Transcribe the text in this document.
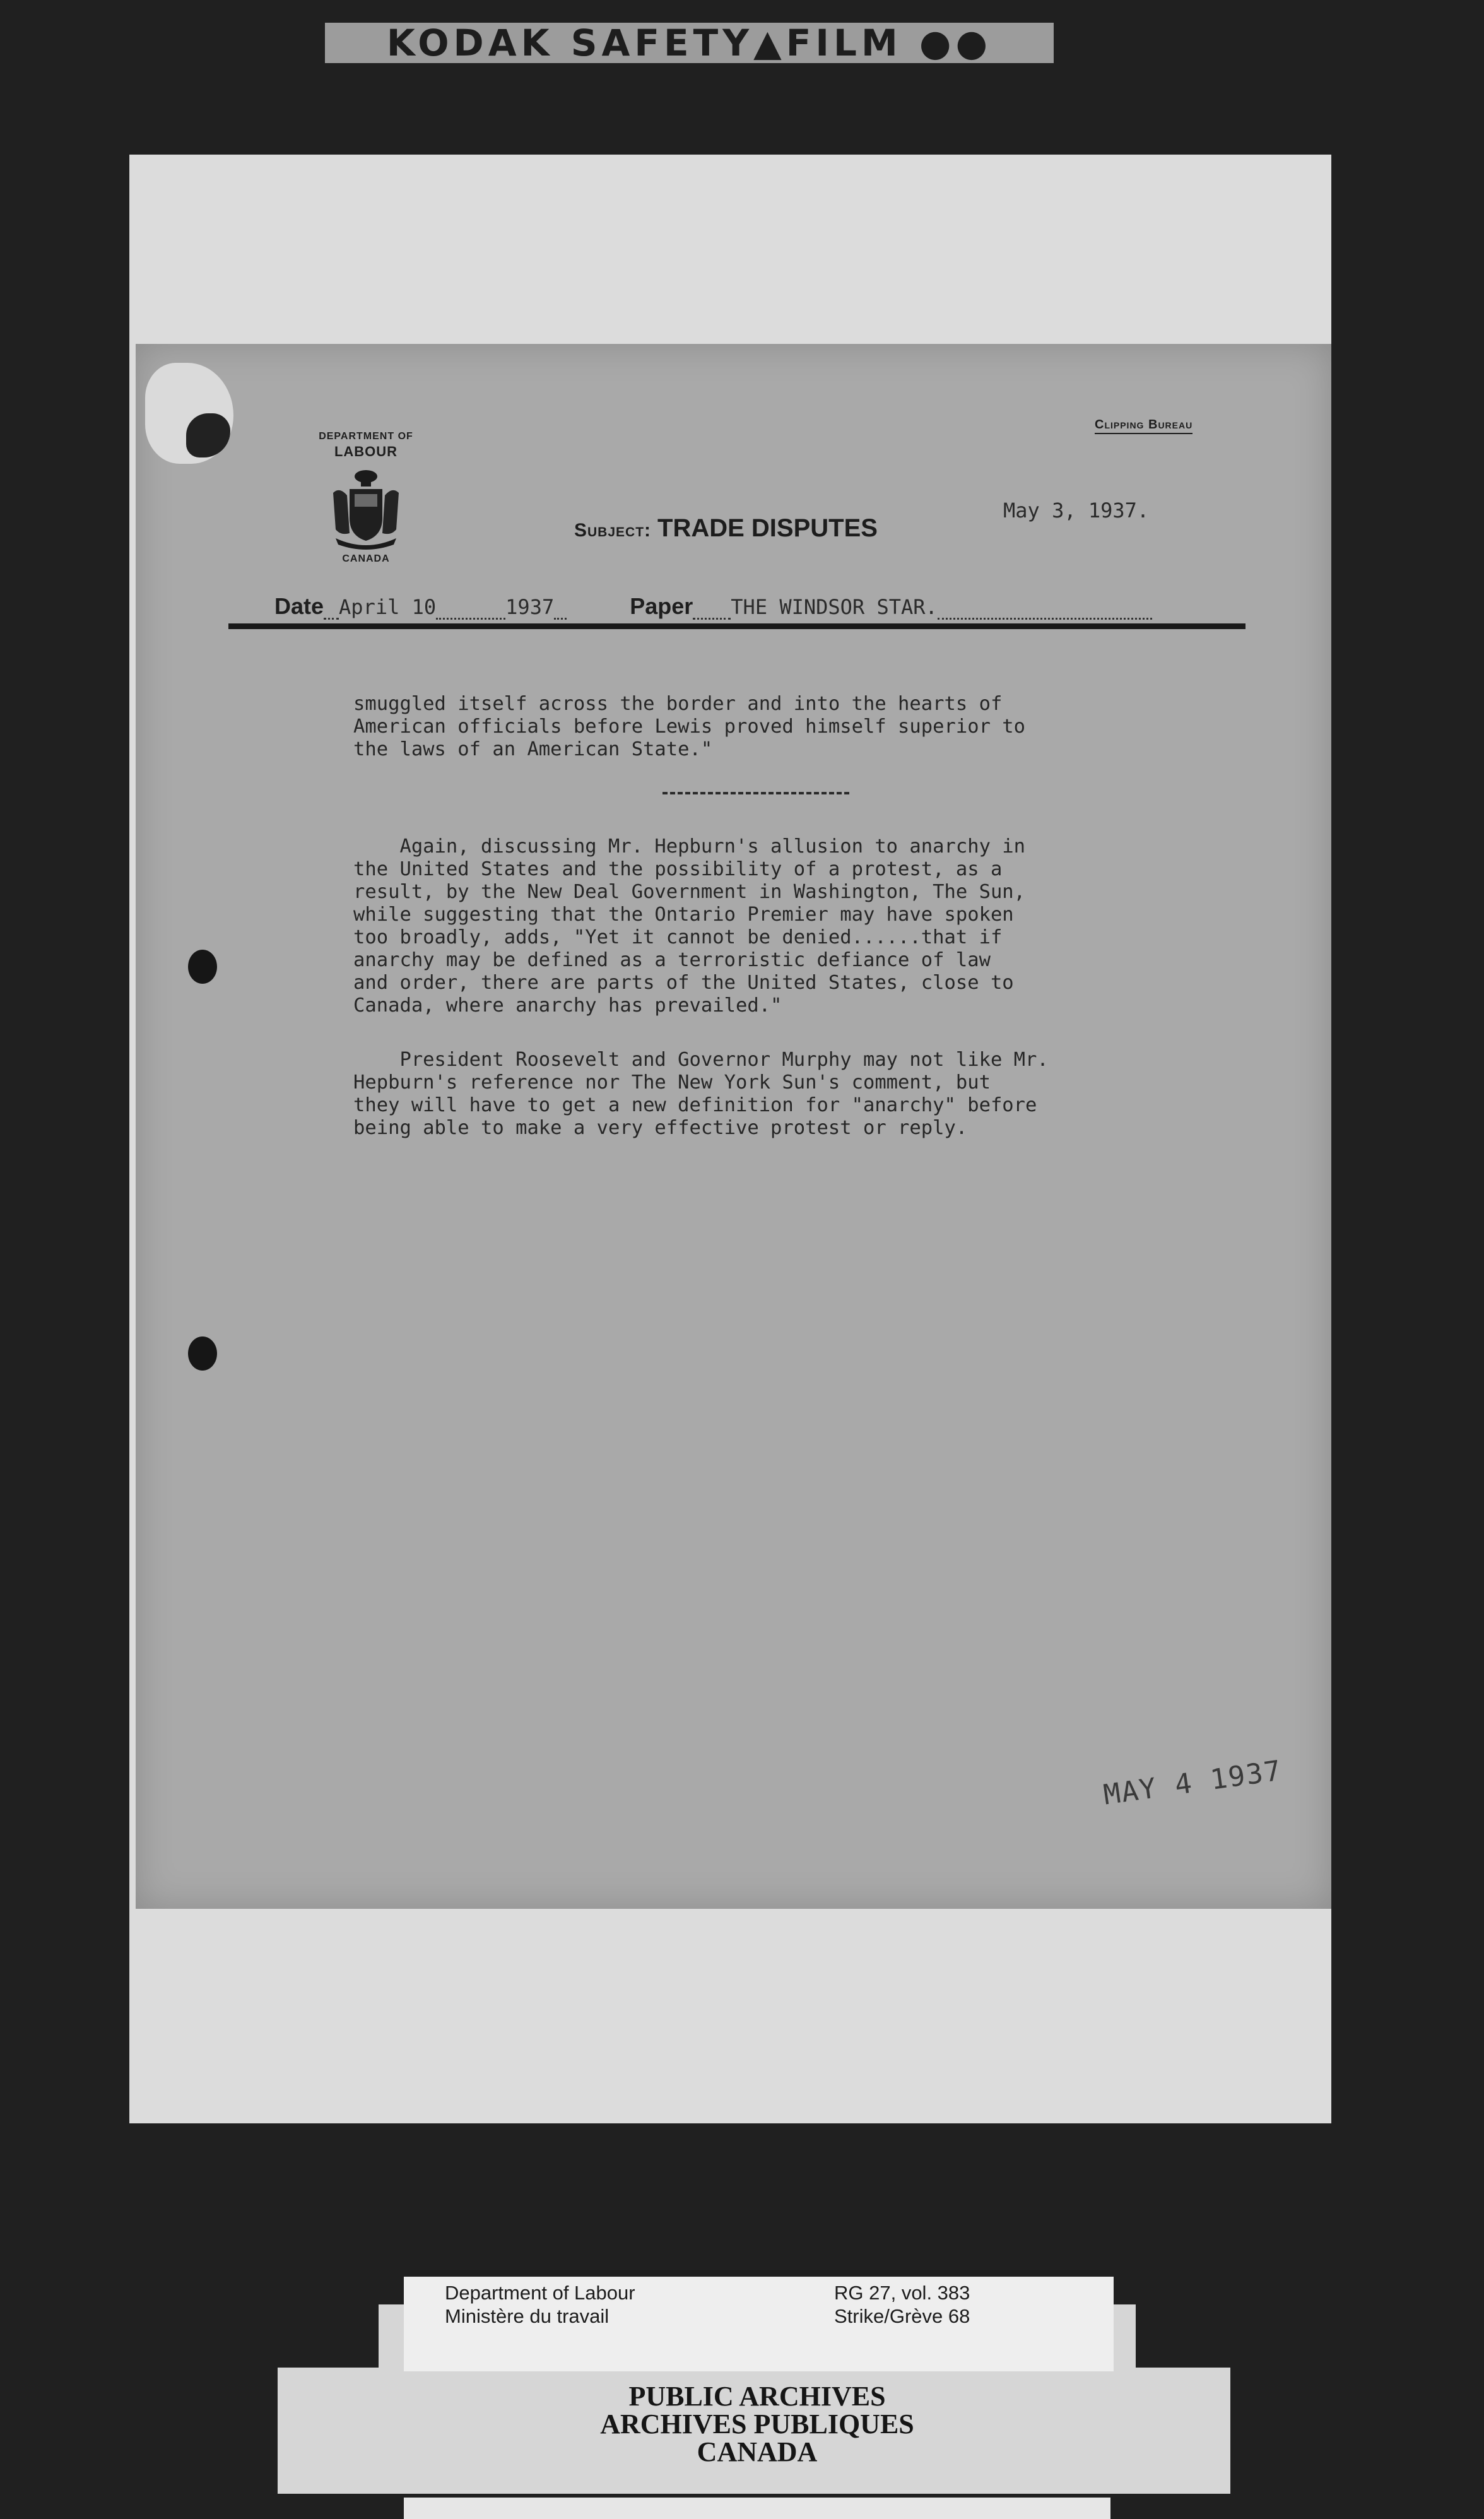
KODAK SAFETY▲FILM ●●
DEPARTMENT OF
LABOUR
CANADA
Clipping Bureau
Subject: TRADE DISPUTES
May 3, 1937.
Date April 10	1937	Paper THE WINDSOR STAR.
smuggled itself across the border and into the hearts of
American officials before Lewis proved himself superior to
the laws of an American State."
Again, discussing Mr. Hepburn's allusion to anarchy in
the United States and the possibility of a protest, as a
result, by the New Deal Government in Washington, The Sun,
while suggesting that the Ontario Premier may have spoken
too broadly, adds, "Yet it cannot be denied......that if
anarchy may be defined as a terroristic defiance of law
and order, there are parts of the United States, close to
Canada, where anarchy has prevailed."
President Roosevelt and Governor Murphy may not like Mr.
Hepburn's reference nor The New York Sun's comment, but
they will have to get a new definition for "anarchy" before
being able to make a very effective protest or reply.
MAY 4 1937
Department of Labour
Ministère du travail
RG 27, vol. 383
Strike/Grève 68
PUBLIC ARCHIVES
ARCHIVES PUBLIQUES
CANADA
